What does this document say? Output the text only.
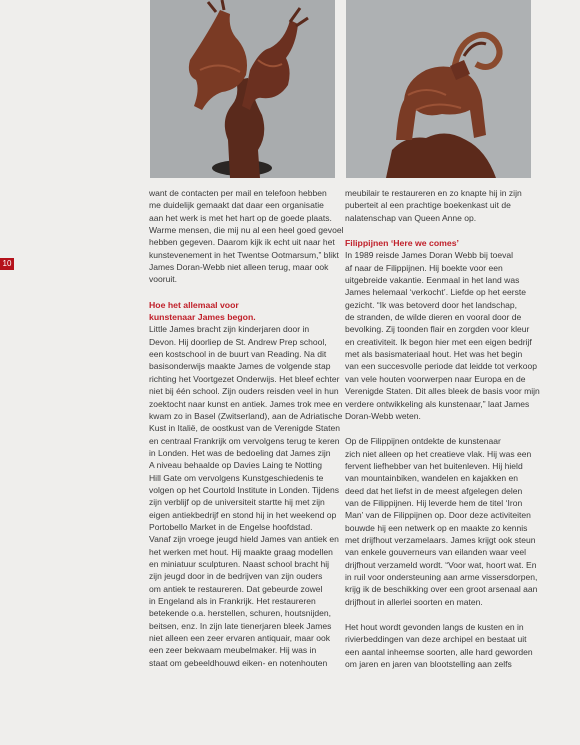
10

want de contacten per mail en telefoon hebben
me duidelijk gemaakt dat daar een organisatie
aan het werk is met het hart op de goede plaats.
Warme mensen, die mij nu al een heel goed gevoel
hebben gegeven. Daarom kijk ik echt uit naar het
kunstevenement in het Twentse Ootmarsum,” blikt
James Doran-Webb niet alleen terug, maar ook
vooruit.

Hoe het allemaal voor
kunstenaar James begon.

Little James bracht zijn kinderjaren door in
Devon. Hij doorliep de St. Andrew Prep school,
een kostschool in de buurt van Reading. Na dit
basisonderwijs maakte James de volgende stap
richting het Voortgezet Onderwijs. Het bleef echter
niet bij één school. Zijn ouders reisden veel in hun
zoektocht naar kunst en antiek. James trok mee en
kwam zo in Basel (Zwitserland), aan de Adriatische
Kust in Italië, de oostkust van de Verenigde Staten
en centraal Frankrijk om vervolgens terug te keren
in Londen. Het was de bedoeling dat James zijn
A niveau behaalde op Davies Laing te Notting
Hill Gate om vervolgens Kunstgeschiedenis te
volgen op het Courtold Institute in Londen. Tijdens
zijn verblijf op de universiteit startte hij met zijn
eigen antiekbedrijf en stond hij in het weekend op
Portobello Market in de Engelse hoofdstad.
Vanaf zijn vroege jeugd hield James van antiek en
het werken met hout. Hij maakte graag modellen
en miniatuur sculpturen. Naast school bracht hij
zijn jeugd door in de bedrijven van zijn ouders
om antiek te restaureren. Dat gebeurde zowel
in Engeland als in Frankrijk. Het restaureren
betekende o.a. herstellen, schuren, houtsnijden,
beitsen, enz. In zijn late tienerjaren bleek James
niet alleen een zeer ervaren antiquair, maar ook
een zeer bekwaam meubelmaker. Hij was in
staat om gebeeldhouwd eiken- en notenhouten

meubilair te restaureren en zo knapte hij in zijn
puberteit al een prachtige boekenkast uit de
nalatenschap van Queen Anne op.

Filippijnen ‘Here we comes’

In 1989 reisde James Doran Webb bij toeval
af naar de Filippijnen. Hij boekte voor een
uitgebreide vakantie. Eenmaal in het land was
James helemaal ‘verkocht’. Liefde op het eerste
gezicht. “Ik was betoverd door het landschap,
de stranden, de wilde dieren en vooral door de
bevolking. Zij toonden flair en zorgden voor kleur
en creativiteit. Ik begon hier met een eigen bedrijf
met als basismateriaal hout. Het was het begin
van een succesvolle periode dat leidde tot verkoop
van vele houten voorwerpen naar Europa en de
Verenigde Staten. Dit alles bleek de basis voor mijn
verdere ontwikkeling als kunstenaar,” laat James
Doran-Webb weten.

Op de Filippijnen ontdekte de kunstenaar
zich niet alleen op het creatieve vlak. Hij was een
fervent liefhebber van het buitenleven. Hij hield
van mountainbiken, wandelen en kajakken en
deed dat het liefst in de meest afgelegen delen
van de Filippijnen. Hij leverde hem de titel ‘Iron
Man’ van de Filippijnen op. Door deze activiteiten
bouwde hij een netwerk op en maakte zo kennis
met drijfhout verzamelaars. James krijgt ook steun
van enkele gouverneurs van eilanden waar veel
drijfhout verzameld wordt. “Voor wat, hoort wat. En
in ruil voor ondersteuning aan arme vissersdorpen,
krijg ik de beschikking over een groot arsenaal aan
drijfhout in allerlei soorten en maten.

Het hout wordt gevonden langs de kusten en in
rivierbeddingen van deze archipel en bestaat uit
een aantal inheemse soorten, alle hard geworden
om jaren en jaren van blootstelling aan zelfs
